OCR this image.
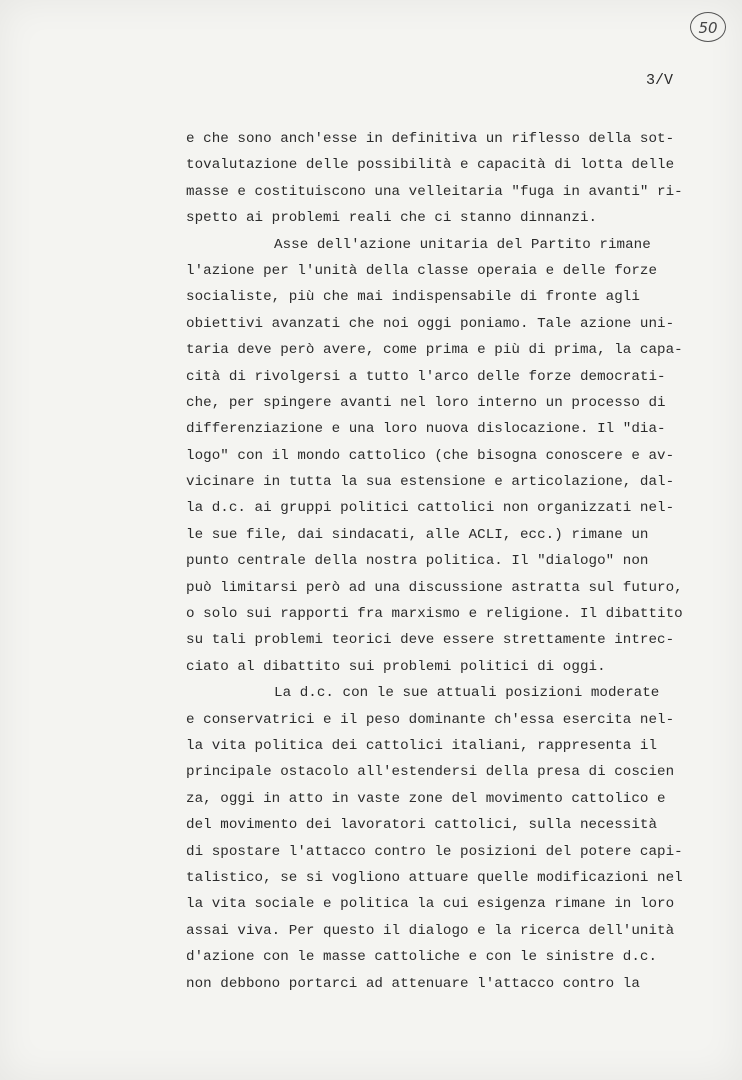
50
3/V
e che sono anch'esse in definitiva un riflesso della sot-
tovalutazione delle possibilità e capacità di lotta delle
masse e costituiscono una velleitaria "fuga in avanti" ri-
spetto ai problemi reali che ci stanno dinnanzi.
Asse dell'azione unitaria del Partito rimane
l'azione per l'unità della classe operaia e delle forze
socialiste, più che mai indispensabile di fronte agli
obiettivi avanzati che noi oggi poniamo. Tale azione uni-
taria deve però avere, come prima e più di prima, la capa-
cità di rivolgersi a tutto l'arco delle forze democrati-
che, per spingere avanti nel loro interno un processo di
differenziazione e una loro nuova dislocazione. Il "dia-
logo" con il mondo cattolico (che bisogna conoscere e av-
vicinare in tutta la sua estensione e articolazione, dal-
la d.c. ai gruppi politici cattolici non organizzati nel-
le sue file, dai sindacati, alle ACLI, ecc.) rimane un
punto centrale della nostra politica. Il "dialogo" non
può limitarsi però ad una discussione astratta sul futuro,
o solo sui rapporti fra marxismo e religione. Il dibattito
su tali problemi teorici deve essere strettamente intrec-
ciato al dibattito sui problemi politici di oggi.
La d.c. con le sue attuali posizioni moderate
e conservatrici e il peso dominante ch'essa esercita nel-
la vita politica dei cattolici italiani, rappresenta il
principale ostacolo all'estendersi della presa di coscien
za, oggi in atto in vaste zone del movimento cattolico e
del movimento dei lavoratori cattolici, sulla necessità
di spostare l'attacco contro le posizioni del potere capi-
talistico, se si vogliono attuare quelle modificazioni nel
la vita sociale e politica la cui esigenza rimane in loro
assai viva. Per questo il dialogo e la ricerca dell'unità
d'azione con le masse cattoliche e con le sinistre d.c.
non debbono portarci ad attenuare l'attacco contro la
